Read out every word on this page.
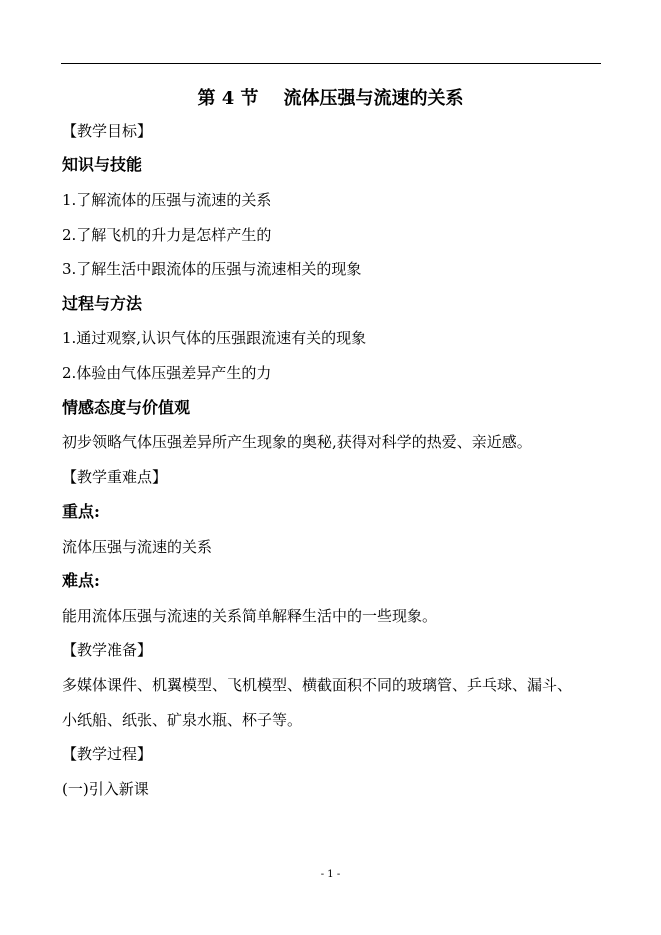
第 4 节    流体压强与流速的关系
【教学目标】
知识与技能
1.了解流体的压强与流速的关系
2.了解飞机的升力是怎样产生的
3.了解生活中跟流体的压强与流速相关的现象
过程与方法
1.通过观察,认识气体的压强跟流速有关的现象
2.体验由气体压强差异产生的力
情感态度与价值观
初步领略气体压强差异所产生现象的奥秘,获得对科学的热爱、亲近感。
【教学重难点】
重点:
流体压强与流速的关系
难点:
能用流体压强与流速的关系简单解释生活中的一些现象。
【教学准备】
多媒体课件、机翼模型、飞机模型、横截面积不同的玻璃管、乒乓球、漏斗、
小纸船、纸张、矿泉水瓶、杯子等。
【教学过程】
(一)引入新课
- 1 -
